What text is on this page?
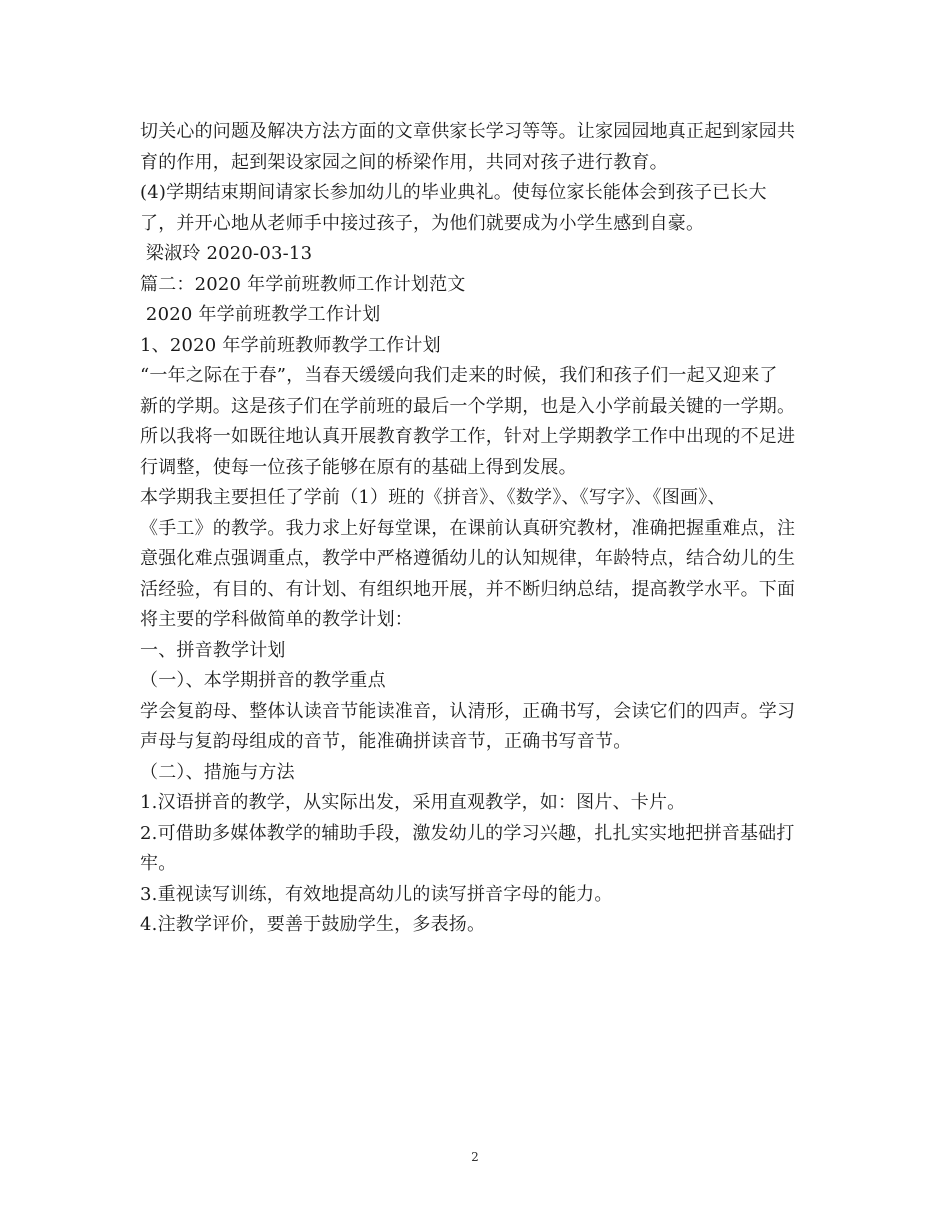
切关心的问题及解决方法方面的文章供家长学习等等。让家园园地真正起到家园共
育的作用，起到架设家园之间的桥梁作用，共同对孩子进行教育。
(4)学期结束期间请家长参加幼儿的毕业典礼。使每位家长能体会到孩子已长大
了，并开心地从老师手中接过孩子，为他们就要成为小学生感到自豪。
梁淑玲 2020-03-13
篇二：2020 年学前班教师工作计划范文
2020 年学前班教学工作计划
1、2020 年学前班教师教学工作计划
“一年之际在于春”，当春天缓缓向我们走来的时候，我们和孩子们一起又迎来了
新的学期。这是孩子们在学前班的最后一个学期，也是入小学前最关键的一学期。
所以我将一如既往地认真开展教育教学工作，针对上学期教学工作中出现的不足进
行调整，使每一位孩子能够在原有的基础上得到发展。
本学期我主要担任了学前（1）班的《拼音》、《数学》、《写字》、《图画》、
《手工》的教学。我力求上好每堂课，在课前认真研究教材，准确把握重难点，注
意强化难点强调重点，教学中严格遵循幼儿的认知规律，年龄特点，结合幼儿的生
活经验，有目的、有计划、有组织地开展，并不断归纳总结，提高教学水平。下面
将主要的学科做简单的教学计划：
一、拼音教学计划
（一）、本学期拼音的教学重点
学会复韵母、整体认读音节能读准音，认清形，正确书写，会读它们的四声。学习
声母与复韵母组成的音节，能准确拼读音节，正确书写音节。
（二）、措施与方法
1.汉语拼音的教学，从实际出发，采用直观教学，如：图片、卡片。
2.可借助多媒体教学的辅助手段，激发幼儿的学习兴趣，扎扎实实地把拼音基础打
牢。
3.重视读写训练，有效地提高幼儿的读写拼音字母的能力。
4.注教学评价，要善于鼓励学生，多表扬。
2
